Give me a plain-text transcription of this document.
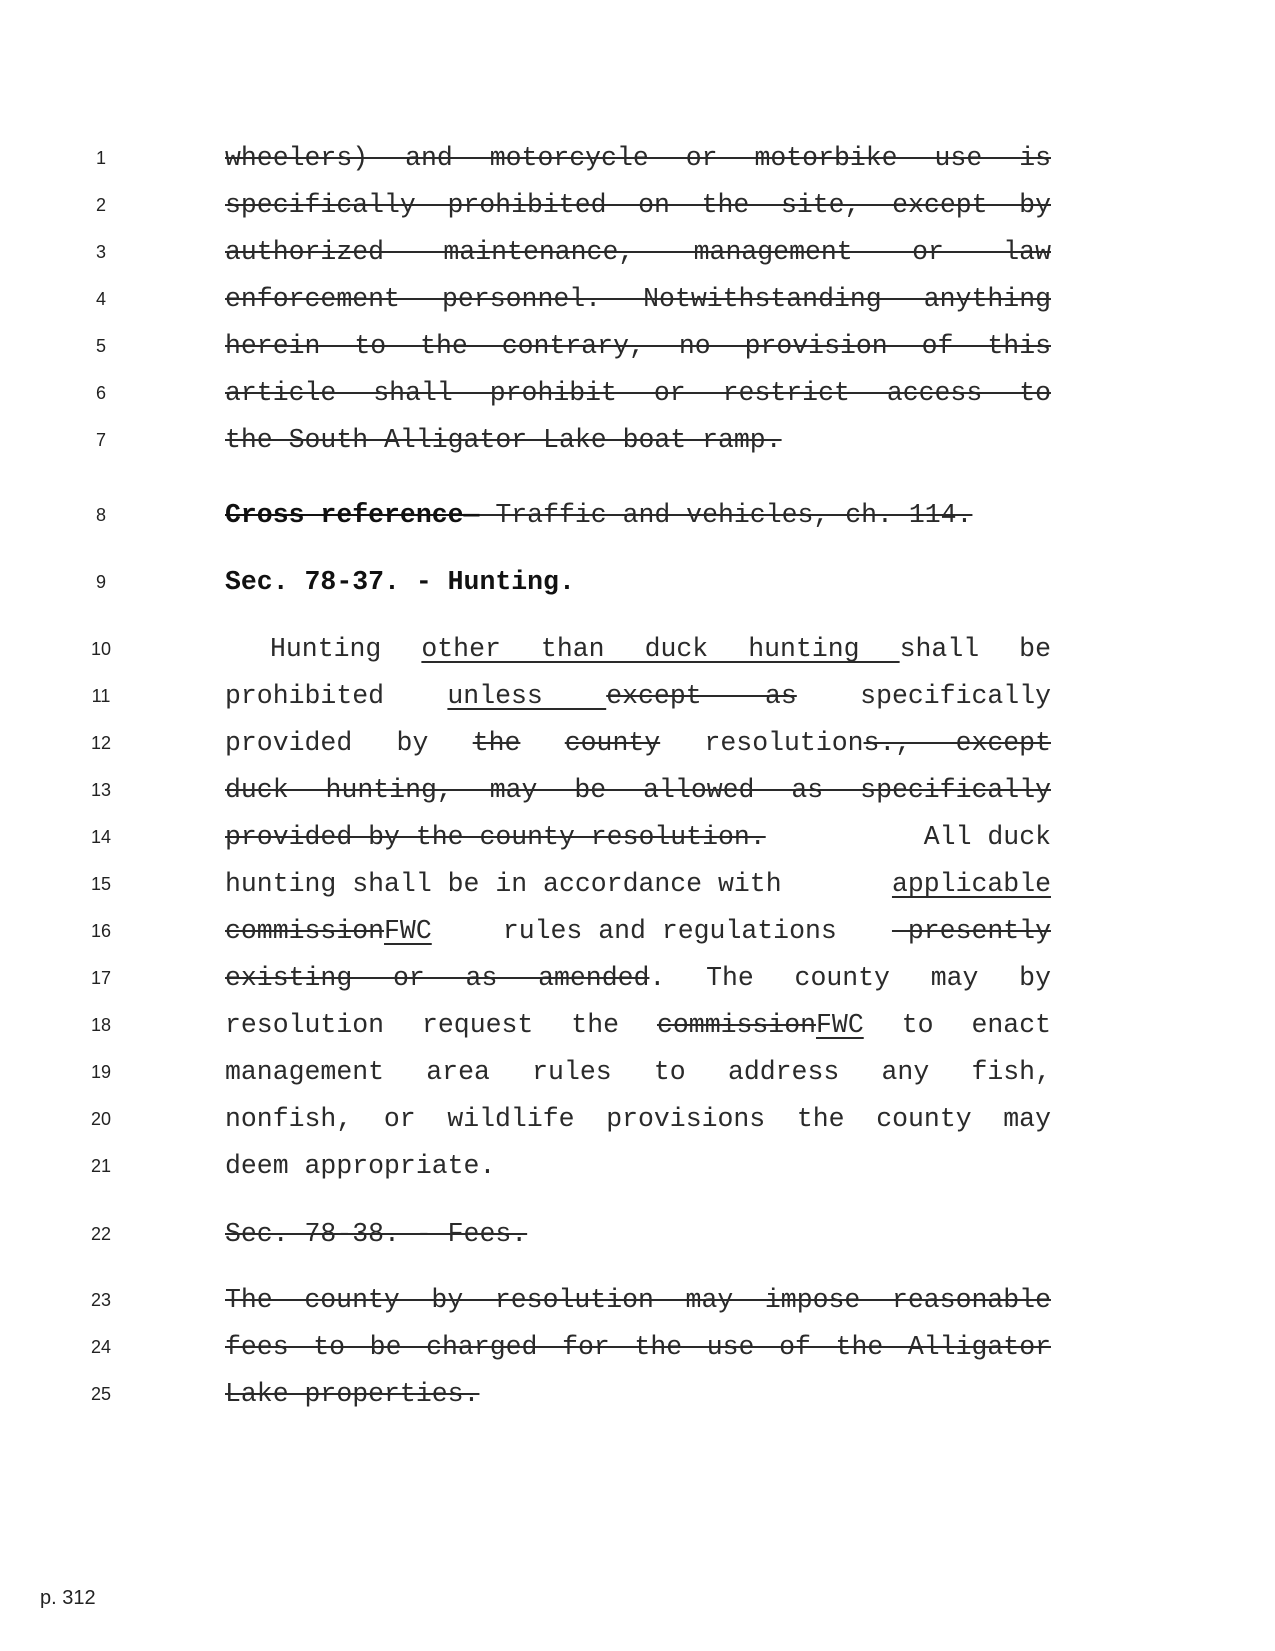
1	wheelers) and motorcycle or motorbike use is
2	specifically prohibited on the site, except by
3	authorized maintenance, management or law
4	enforcement personnel. Notwithstanding anything
5	herein to the contrary, no provision of this
6	article shall prohibit or restrict access to
7	the South Alligator Lake boat ramp.
8	Cross reference— Traffic and vehicles, ch. 114.
9	Sec. 78-37. - Hunting.
10	Hunting other than duck hunting shall be
11	prohibited unless except as specifically
12	provided by the county resolutions., except
13	duck hunting, may be allowed as specifically
14	provided by the county resolution.	All duck
15	hunting shall be in accordance with	applicable
16	commissionFWC rules and regulations presently
17	existing or as amended. The county may by
18	resolution request the commissionFWC to enact
19	management area rules to address any fish,
20	nonfish, or wildlife provisions the county may
21	deem appropriate.
22	Sec. 78-38. - Fees.
23	The county by resolution may impose reasonable
24	fees to be charged for the use of the Alligator
25	Lake properties.
p. 312
